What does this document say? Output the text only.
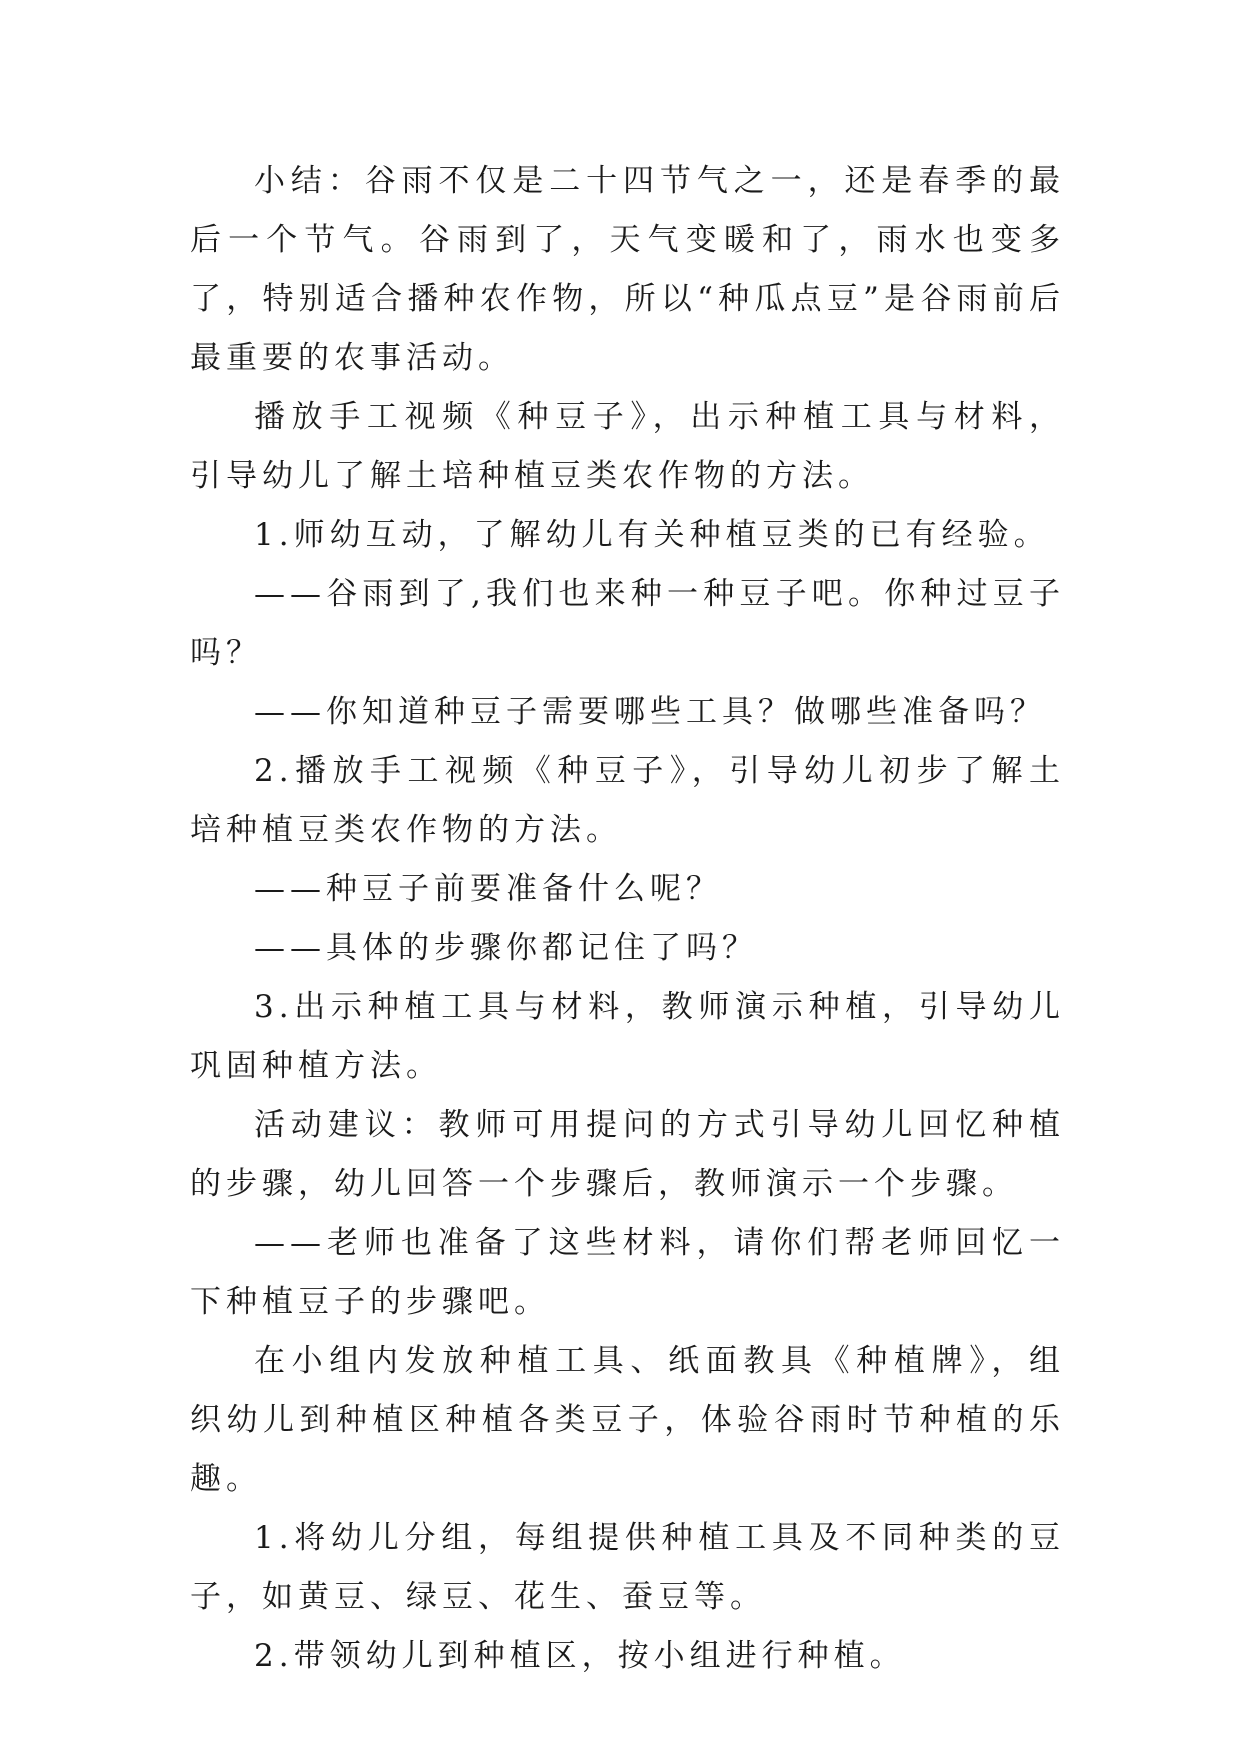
小结：谷雨不仅是二十四节气之一，还是春季的最后一个节气。谷雨到了，天气变暖和了，雨水也变多了，特别适合播种农作物，所以“种瓜点豆”是谷雨前后最重要的农事活动。

播放手工视频《种豆子》，出示种植工具与材料，引导幼儿了解土培种植豆类农作物的方法。

1.师幼互动，了解幼儿有关种植豆类的已有经验。

——谷雨到了,我们也来种一种豆子吧。你种过豆子吗？

——你知道种豆子需要哪些工具？做哪些准备吗？

2.播放手工视频《种豆子》，引导幼儿初步了解土培种植豆类农作物的方法。

——种豆子前要准备什么呢？

——具体的步骤你都记住了吗？

3.出示种植工具与材料，教师演示种植，引导幼儿巩固种植方法。

活动建议：教师可用提问的方式引导幼儿回忆种植的步骤，幼儿回答一个步骤后，教师演示一个步骤。

——老师也准备了这些材料，请你们帮老师回忆一下种植豆子的步骤吧。

在小组内发放种植工具、纸面教具《种植牌》，组织幼儿到种植区种植各类豆子，体验谷雨时节种植的乐趣。

1.将幼儿分组，每组提供种植工具及不同种类的豆子，如黄豆、绿豆、花生、蚕豆等。

2.带领幼儿到种植区，按小组进行种植。
